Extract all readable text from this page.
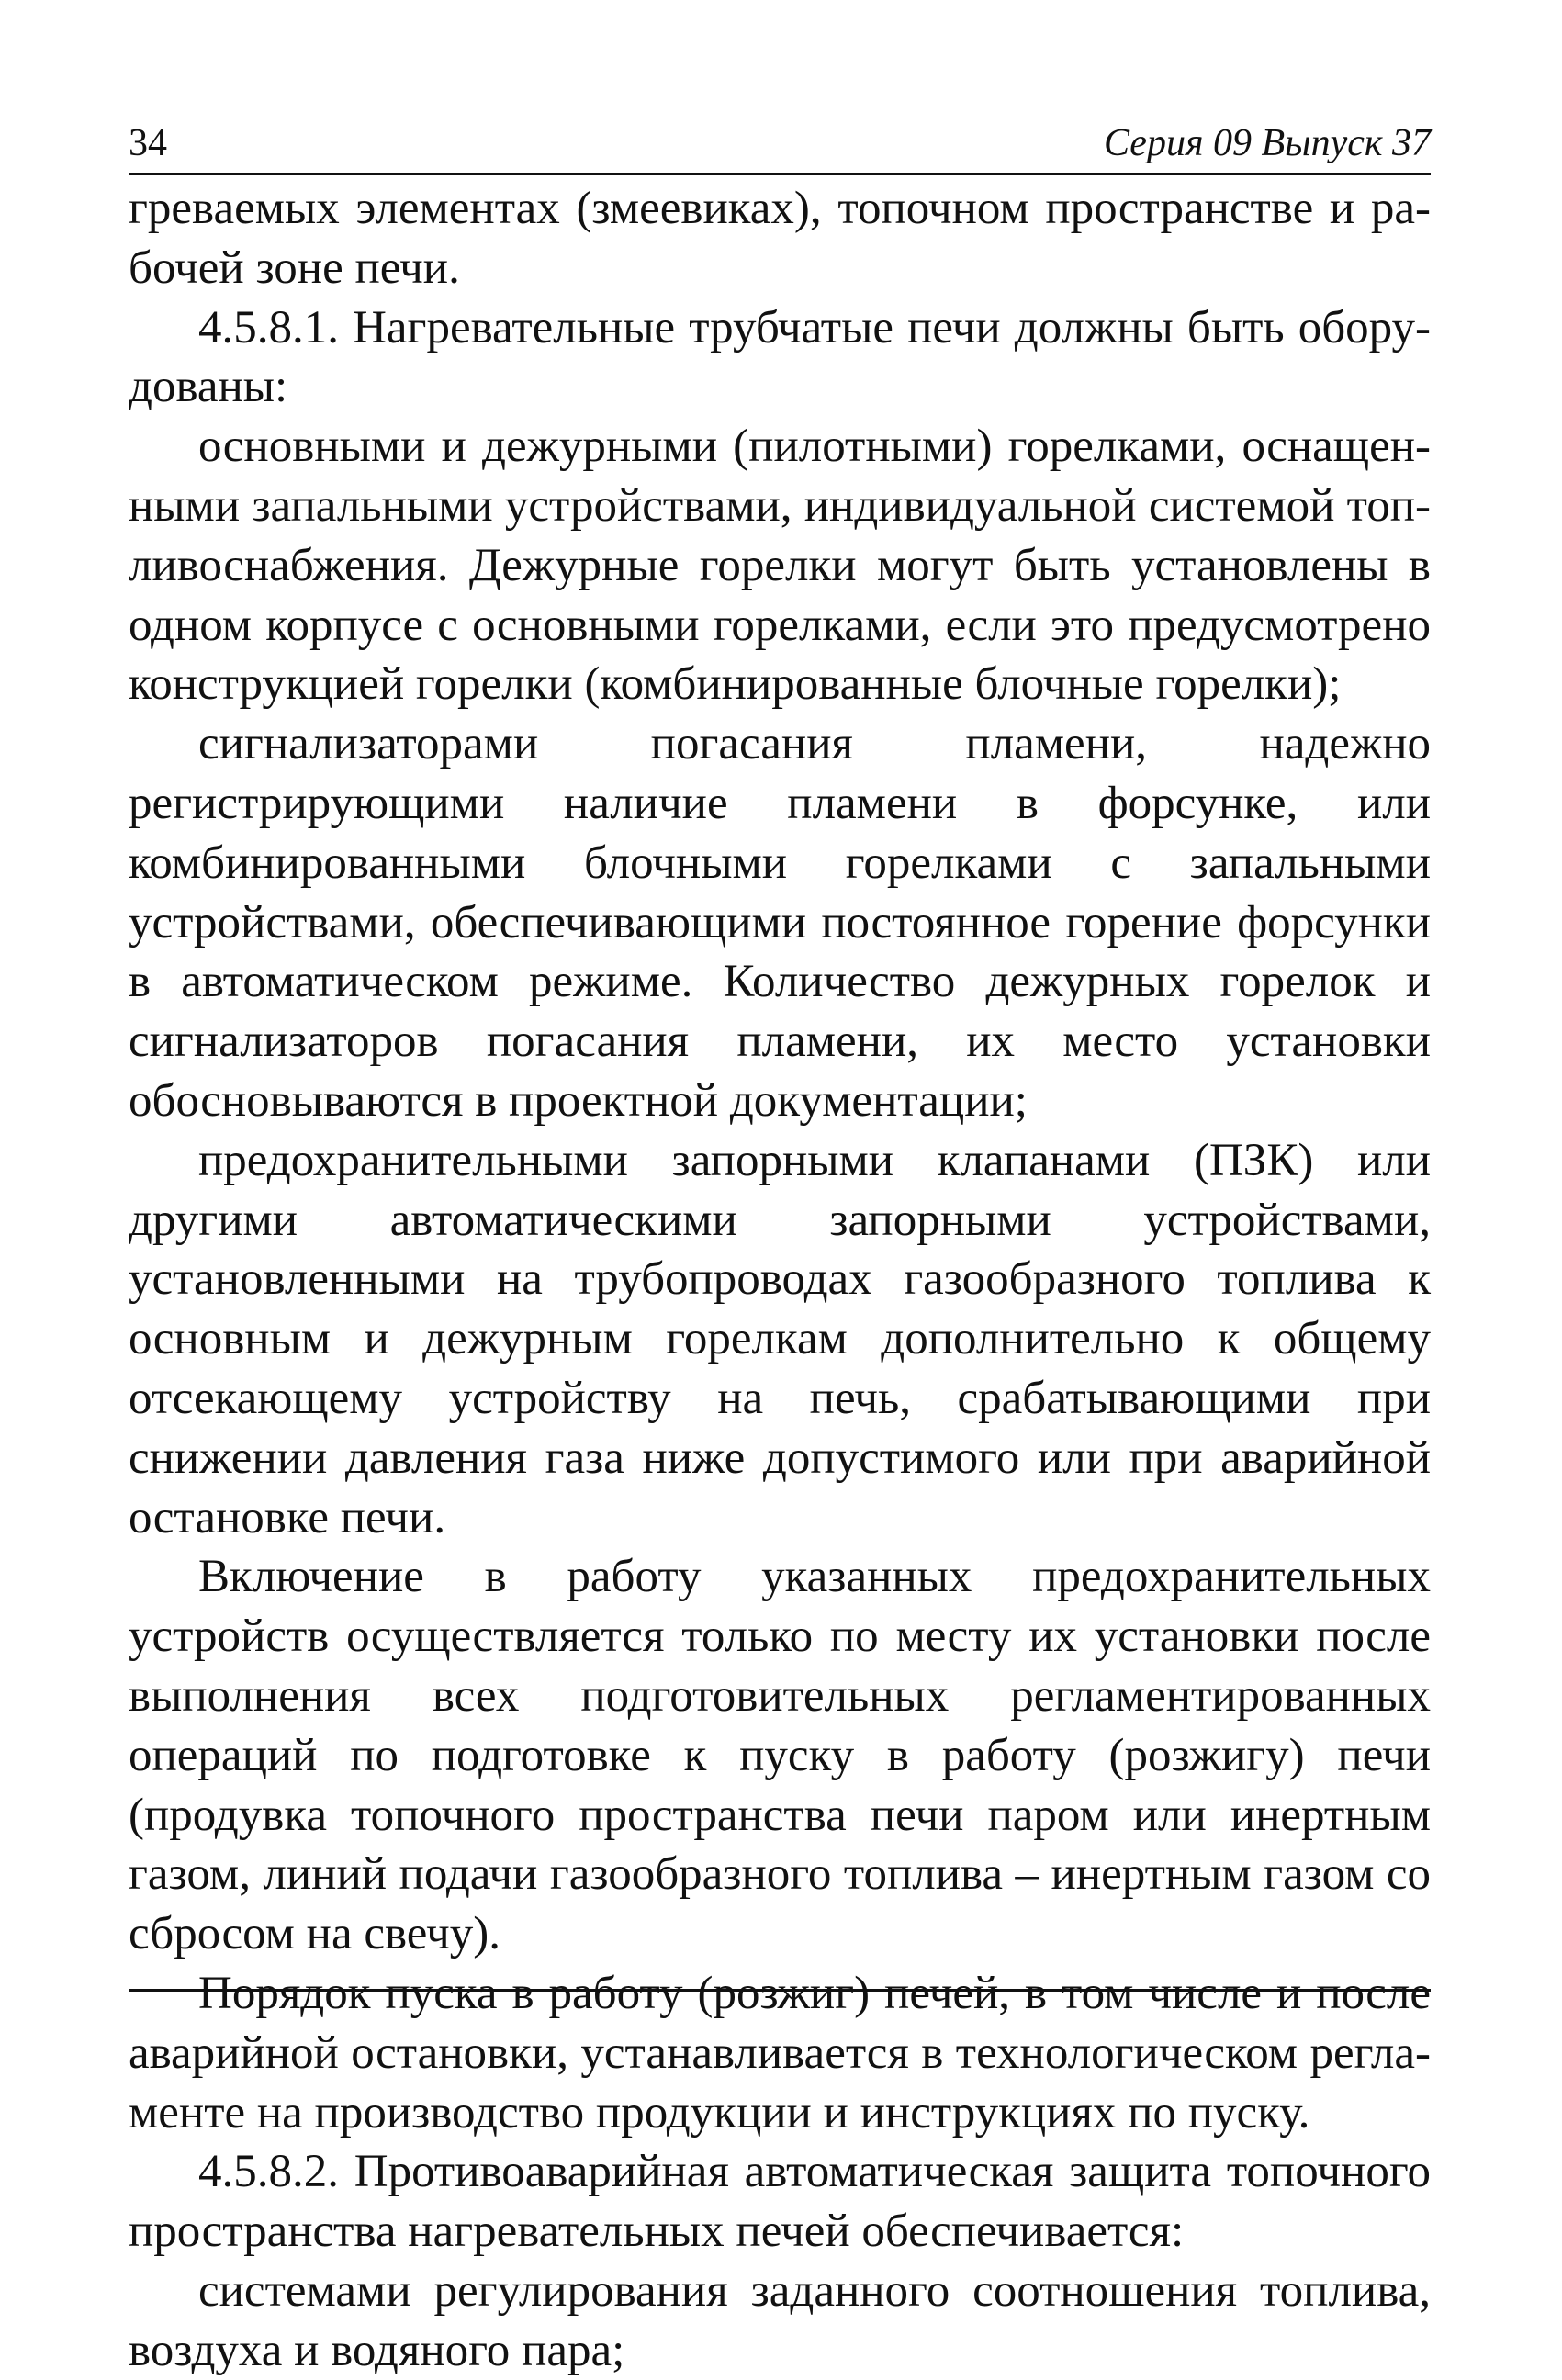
34	Серия 09 Выпуск 37

греваемых элементах (змеевиках), топочном пространстве и рабочей зоне печи.

4.5.8.1. Нагревательные трубчатые печи должны быть оборудованы:

основными и дежурными (пилотными) горелками, оснащенными запальными устройствами, индивидуальной системой топливоснабжения. Дежурные горелки могут быть установлены в одном корпусе с основными горелками, если это предусмотрено конструкцией горелки (комбинированные блочные горелки);

сигнализаторами погасания пламени, надежно регистрирующими наличие пламени в форсунке, или комбинированными блочными горелками с запальными устройствами, обеспечивающими постоянное горение форсунки в автоматическом режиме. Количество дежурных горелок и сигнализаторов погасания пламени, их место установки обосновываются в проектной документации;

предохранительными запорными клапанами (ПЗК) или другими автоматическими запорными устройствами, установленными на трубопроводах газообразного топлива к основным и дежурным горелкам дополнительно к общему отсекающему устройству на печь, срабатывающими при снижении давления газа ниже допустимого или при аварийной остановке печи.

Включение в работу указанных предохранительных устройств осуществляется только по месту их установки после выполнения всех подготовительных регламентированных операций по подготовке к пуску в работу (розжигу) печи (продувка топочного пространства печи паром или инертным газом, линий подачи газообразного топлива – инертным газом со сбросом на свечу).

Порядок пуска в работу (розжиг) печей, в том числе и после аварийной остановки, устанавливается в технологическом регламенте на производство продукции и инструкциях по пуску.

4.5.8.2. Противоаварийная автоматическая защита топочного пространства нагревательных печей обеспечивается:

системами регулирования заданного соотношения топлива, воздуха и водяного пара;
